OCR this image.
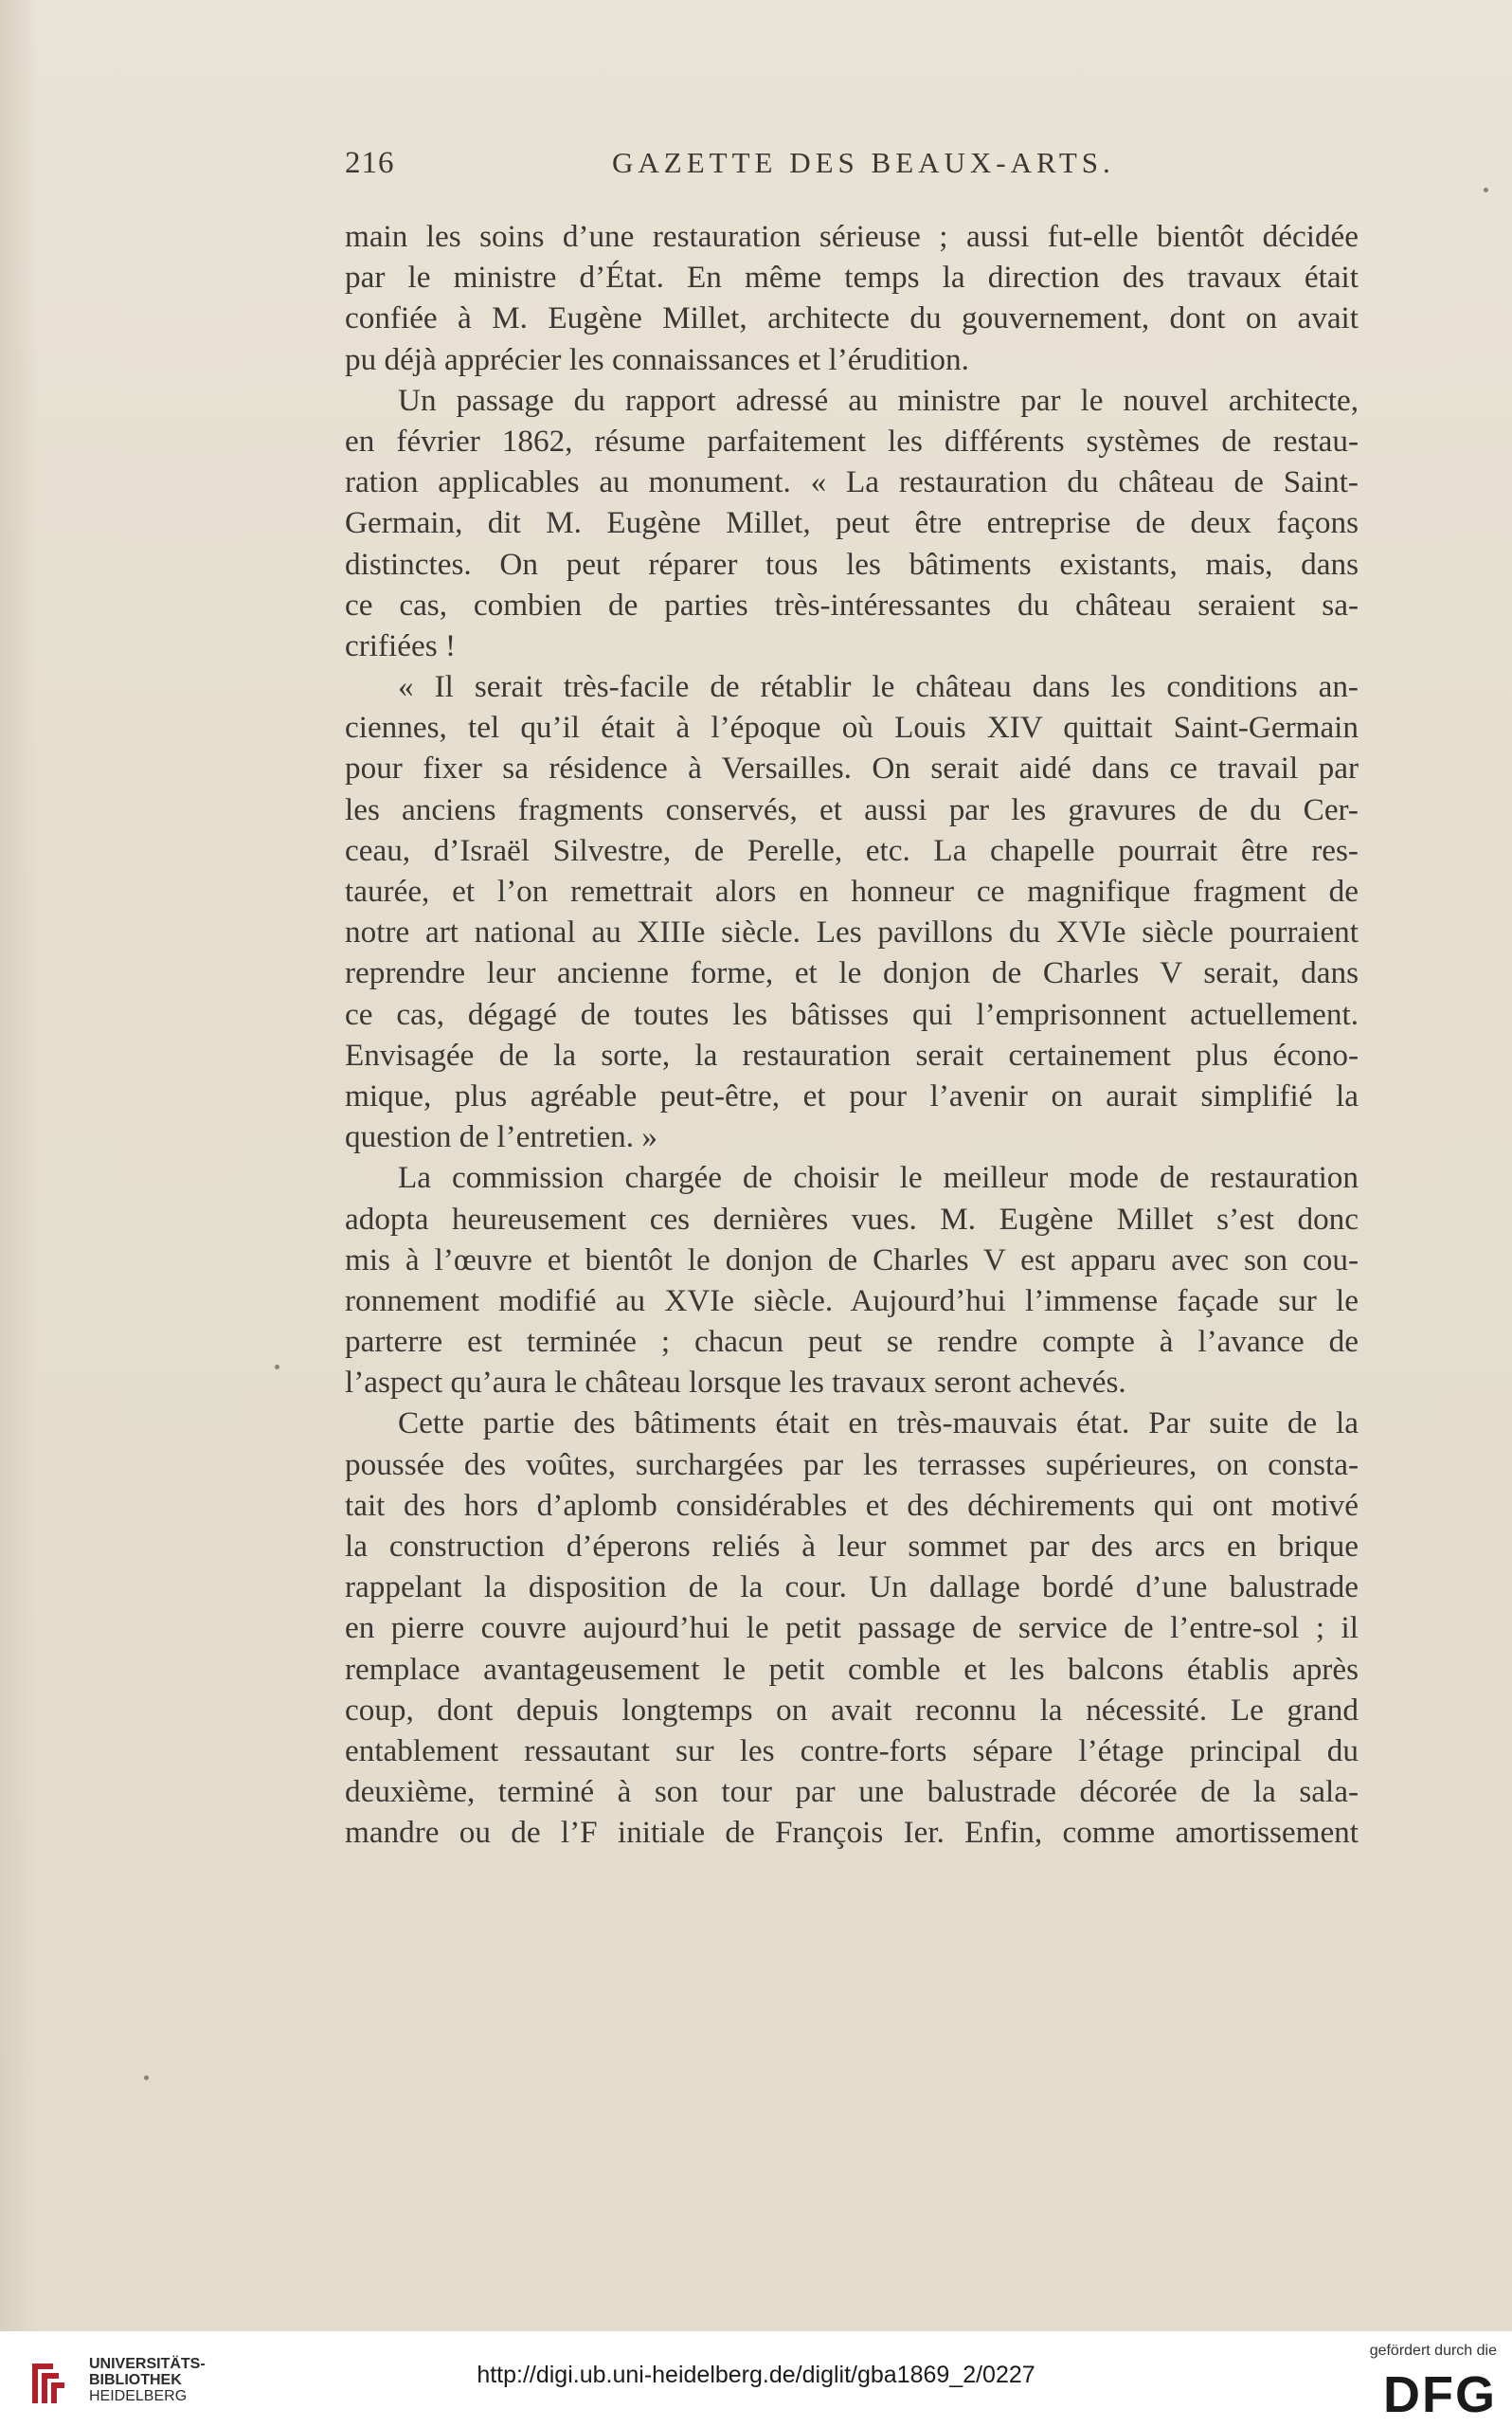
216	GAZETTE DES BEAUX-ARTS.
main les soins d’une restauration sérieuse ; aussi fut-elle bientôt décidée
par le ministre d’État. En même temps la direction des travaux était
confiée à M. Eugène Millet, architecte du gouvernement, dont on avait
pu déjà apprécier les connaissances et l’érudition.
Un passage du rapport adressé au ministre par le nouvel architecte,
en février 1862, résume parfaitement les différents systèmes de restau-
ration applicables au monument. « La restauration du château de Saint-
Germain, dit M. Eugène Millet, peut être entreprise de deux façons
distinctes. On peut réparer tous les bâtiments existants, mais, dans
ce cas, combien de parties très-intéressantes du château seraient sa-
crifiées !
« Il serait très-facile de rétablir le château dans les conditions an-
ciennes, tel qu’il était à l’époque où Louis XIV quittait Saint-Germain
pour fixer sa résidence à Versailles. On serait aidé dans ce travail par
les anciens fragments conservés, et aussi par les gravures de du Cer-
ceau, d’Israël Silvestre, de Perelle, etc. La chapelle pourrait être res-
taurée, et l’on remettrait alors en honneur ce magnifique fragment de
notre art national au XIIIe siècle. Les pavillons du XVIe siècle pourraient
reprendre leur ancienne forme, et le donjon de Charles V serait, dans
ce cas, dégagé de toutes les bâtisses qui l’emprisonnent actuellement.
Envisagée de la sorte, la restauration serait certainement plus écono-
mique, plus agréable peut-être, et pour l’avenir on aurait simplifié la
question de l’entretien. »
La commission chargée de choisir le meilleur mode de restauration
adopta heureusement ces dernières vues. M. Eugène Millet s’est donc
mis à l’œuvre et bientôt le donjon de Charles V est apparu avec son cou-
ronnement modifié au XVIe siècle. Aujourd’hui l’immense façade sur le
parterre est terminée ; chacun peut se rendre compte à l’avance de
l’aspect qu’aura le château lorsque les travaux seront achevés.
Cette partie des bâtiments était en très-mauvais état. Par suite de la
poussée des voûtes, surchargées par les terrasses supérieures, on consta-
tait des hors d’aplomb considérables et des déchirements qui ont motivé
la construction d’éperons reliés à leur sommet par des arcs en brique
rappelant la disposition de la cour. Un dallage bordé d’une balustrade
en pierre couvre aujourd’hui le petit passage de service de l’entre-sol ; il
remplace avantageusement le petit comble et les balcons établis après
coup, dont depuis longtemps on avait reconnu la nécessité. Le grand
entablement ressautant sur les contre-forts sépare l’étage principal du
deuxième, terminé à son tour par une balustrade décorée de la sala-
mandre ou de l’F initiale de François Ier. Enfin, comme amortissement
UNIVERSITÄTS-
BIBLIOTHEK
HEIDELBERG
http://digi.ub.uni-heidelberg.de/diglit/gba1869_2/0227
gefördert durch die
DFG
